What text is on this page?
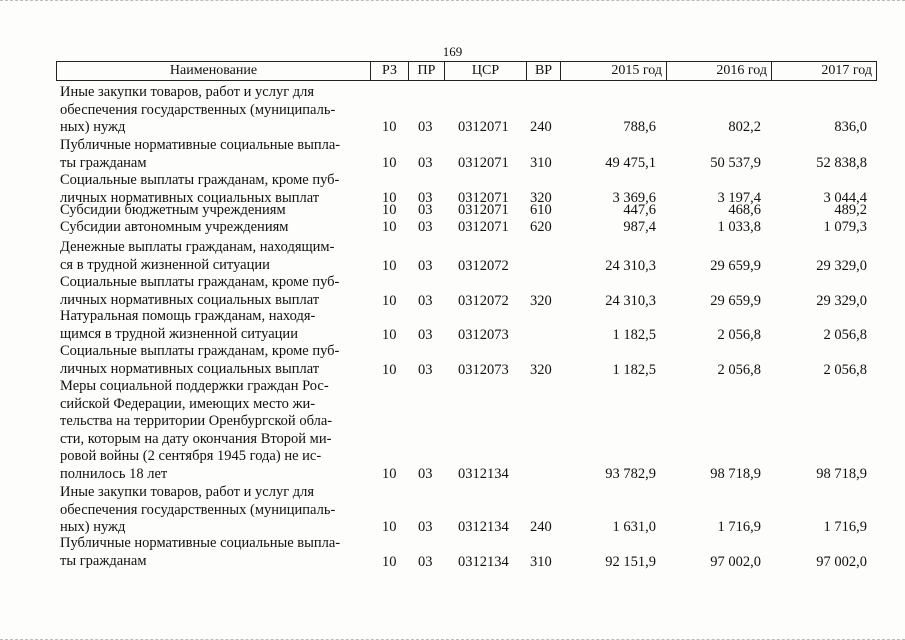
169
Наименование	РЗ	ПР	ЦСР	ВР	2015 год	2016 год	2017 год
Иные закупки товаров, работ и услуг для
обеспечения государственных (муниципаль-
ных) нужд	10 03 0312071 240	788,6	802,2	836,0
Публичные нормативные социальные выпла-
ты гражданам	10 03 0312071 310	49 475,1	50 537,9	52 838,8
Социальные выплаты гражданам, кроме пуб-
личных нормативных социальных выплат	10 03 0312071 320	3 369,6	3 197,4	3 044,4
Субсидии бюджетным учреждениям	10 03 0312071 610	447,6	468,6	489,2
Субсидии автономным учреждениям	10 03 0312071 620	987,4	1 033,8	1 079,3
Денежные выплаты гражданам, находящим-
ся в трудной жизненной ситуации	10 03 0312072	24 310,3	29 659,9	29 329,0
Социальные выплаты гражданам, кроме пуб-
личных нормативных социальных выплат	10 03 0312072 320	24 310,3	29 659,9	29 329,0
Натуральная помощь гражданам, находя-
щимся в трудной жизненной ситуации	10 03 0312073	1 182,5	2 056,8	2 056,8
Социальные выплаты гражданам, кроме пуб-
личных нормативных социальных выплат	10 03 0312073 320	1 182,5	2 056,8	2 056,8
Меры социальной поддержки граждан Рос-
сийской Федерации, имеющих место жи-
тельства на территории Оренбургской обла-
сти, которым на дату окончания Второй ми-
ровой войны (2 сентября 1945 года) не ис-
полнилось 18 лет	10 03 0312134	93 782,9	98 718,9	98 718,9
Иные закупки товаров, работ и услуг для
обеспечения государственных (муниципаль-
ных) нужд	10 03 0312134 240	1 631,0	1 716,9	1 716,9
Публичные нормативные социальные выпла-
ты гражданам	10 03 0312134 310	92 151,9	97 002,0	97 002,0
